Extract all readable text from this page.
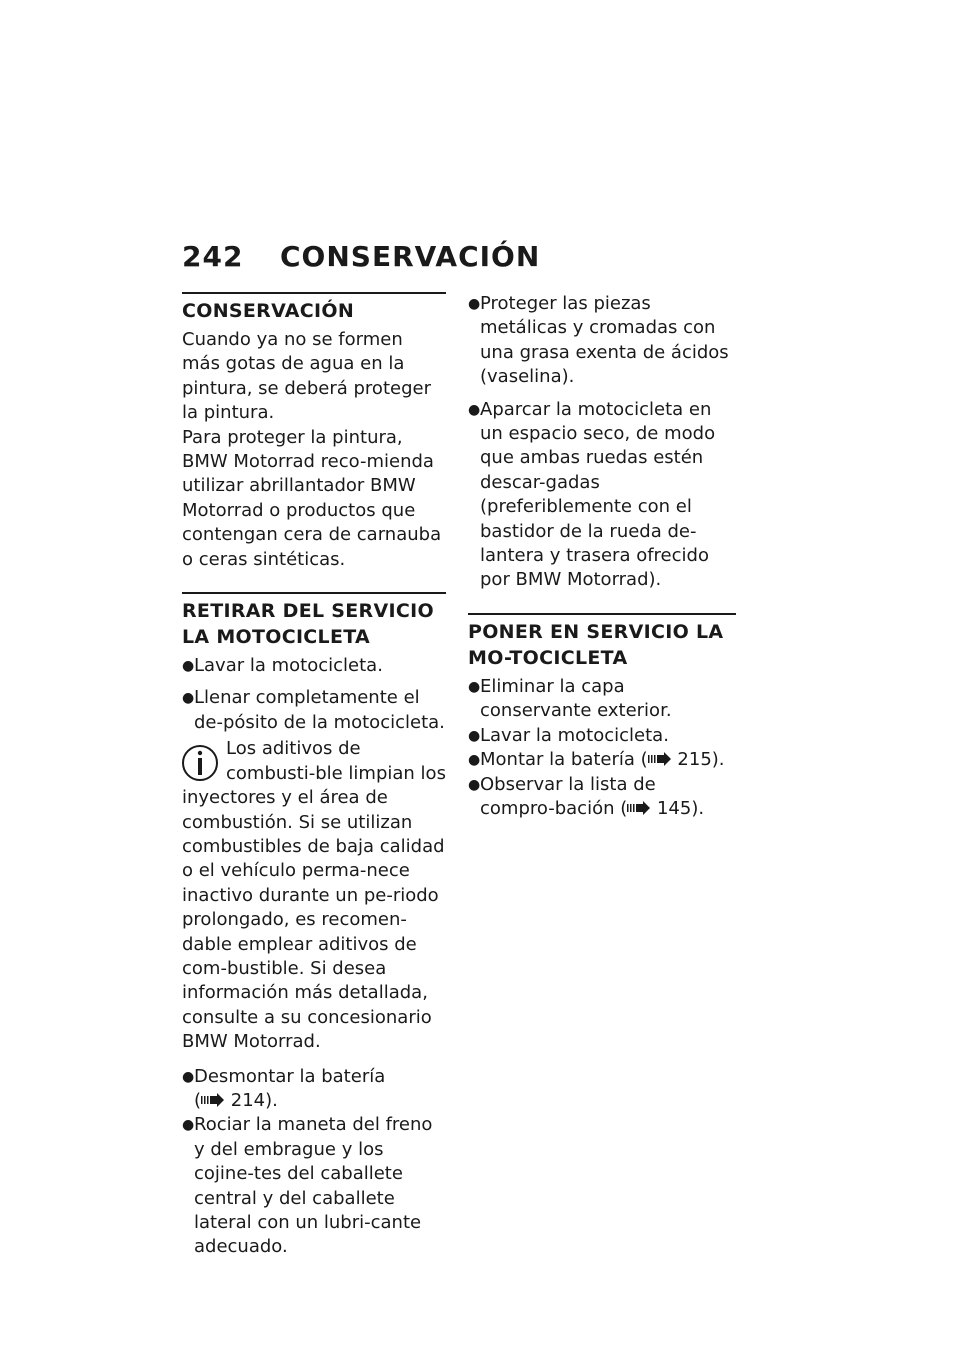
242 CONSERVACIÓN
CONSERVACIÓN

Cuando ya no se formen más gotas de agua en la pintura, se deberá proteger la pintura.

Para proteger la pintura, BMW Motorrad reco-mienda utilizar abrillantador BMW Motorrad o productos que contengan cera de carnauba o ceras sintéticas.

RETIRAR DEL SERVICIO LA MOTOCICLETA
● Lavar la motocicleta.
● Llenar completamente el de-pósito de la motocicleta.

Los aditivos de combusti-ble limpian los inyectores y el área de combustión. Si se utilizan combustibles de baja calidad o el vehículo perma-nece inactivo durante un pe-riodo prolongado, es recomen-dable emplear aditivos de com-bustible. Si desea información más detallada, consulte a su concesionario BMW Motorrad.

● Desmontar la batería
( 214).
● Rociar la maneta del freno y del embrague y los cojine-tes del caballete central y del caballete lateral con un lubri-cante adecuado.
● Proteger las piezas metálicas y cromadas con una grasa exenta de ácidos (vaselina).
● Aparcar la motocicleta en un espacio seco, de modo que ambas ruedas estén descar-gadas (preferiblemente con el bastidor de la rueda de-lantera y trasera ofrecido por BMW Motorrad).
PONER EN SERVICIO LA MO-TOCICLETA
● Eliminar la capa conservante exterior.
● Lavar la motocicleta.
● Montar la batería ( 215).
● Observar la lista de compro-bación ( 145).
